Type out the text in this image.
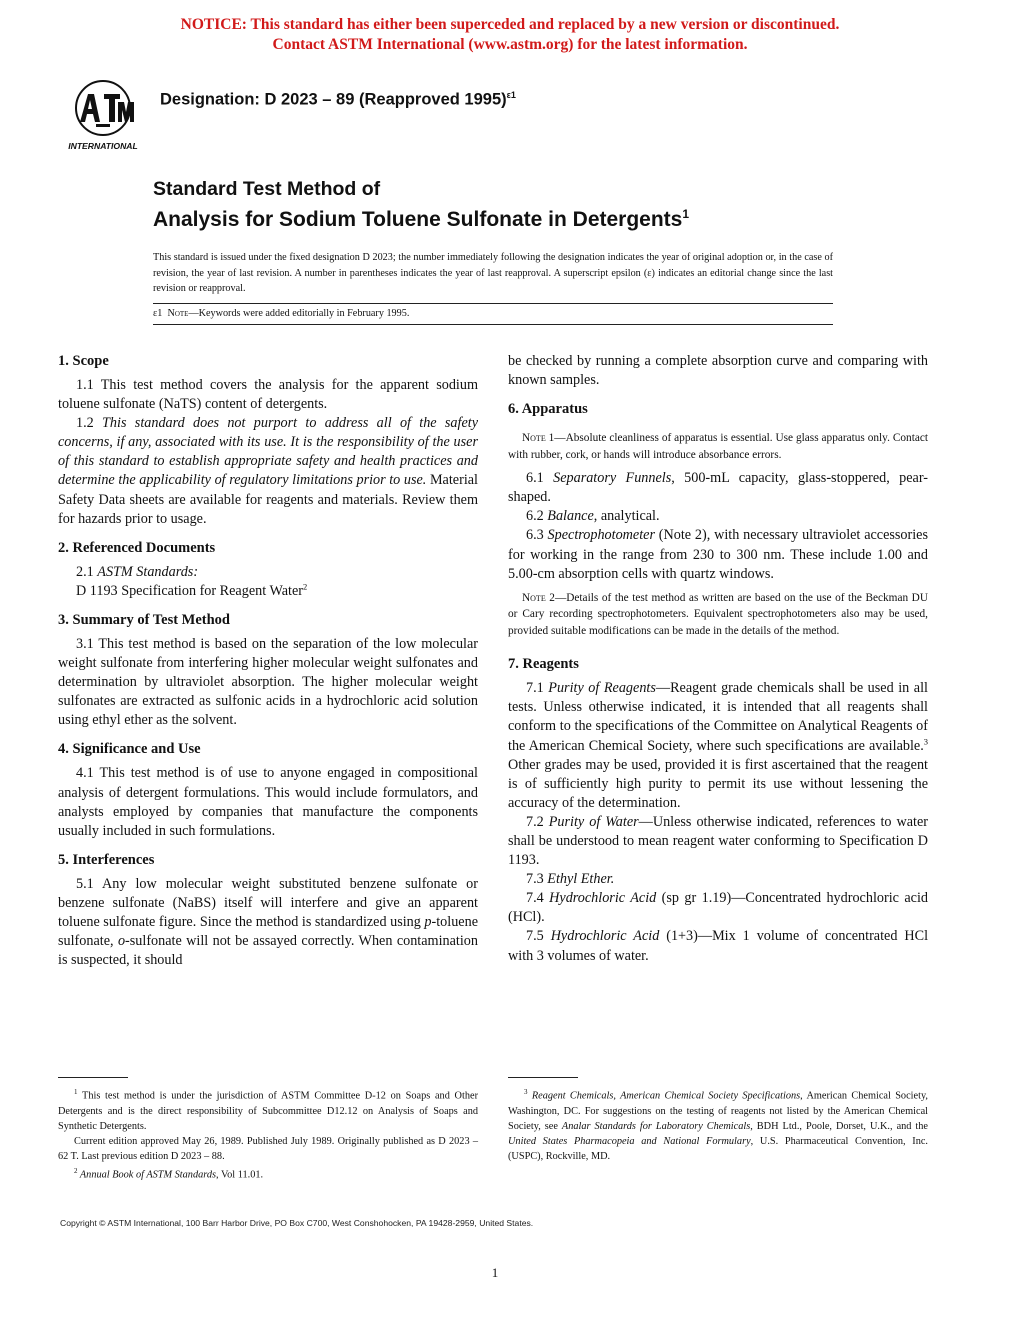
NOTICE: This standard has either been superceded and replaced by a new version or discontinued.
Contact ASTM International (www.astm.org) for the latest information.
INTERNATIONAL
Designation: D 2023 – 89 (Reapproved 1995)$^{\varepsilon 1}$
Standard Test Method of
Analysis for Sodium Toluene Sulfonate in Detergents$^1$
This standard is issued under the fixed designation D 2023; the number immediately following the designation indicates the year of original adoption or, in the case of revision, the year of last revision. A number in parentheses indicates the year of last reapproval. A superscript epsilon (ε) indicates an editorial change since the last revision or reapproval.
ε1 Note—Keywords were added editorially in February 1995.
1. Scope

1.1 This test method covers the analysis for the apparent sodium toluene sulfonate (NaTS) content of detergents.

1.2 This standard does not purport to address all of the safety concerns, if any, associated with its use. It is the responsibility of the user of this standard to establish appropriate safety and health practices and determine the applicability of regulatory limitations prior to use. Material Safety Data sheets are available for reagents and materials. Review them for hazards prior to usage.

2. Referenced Documents

2.1 ASTM Standards:

D 1193 Specification for Reagent Water$^2$

3. Summary of Test Method

3.1 This test method is based on the separation of the low molecular weight sulfonate from interfering higher molecular weight sulfonates and determination by ultraviolet absorption. The higher molecular weight sulfonates are extracted as sulfonic acids in a hydrochloric acid solution using ethyl ether as the solvent.

4. Significance and Use

4.1 This test method is of use to anyone engaged in compositional analysis of detergent formulations. This would include formulators, and analysts employed by companies that manufacture the components usually included in such formulations.

5. Interferences

5.1 Any low molecular weight substituted benzene sulfonate or benzene sulfonate (NaBS) itself will interfere and give an apparent toluene sulfonate figure. Since the method is standardized using p-toluene sulfonate, o-sulfonate will not be assayed correctly. When contamination is suspected, it should

be checked by running a complete absorption curve and comparing with known samples.

6. Apparatus

Note 1—Absolute cleanliness of apparatus is essential. Use glass apparatus only. Contact with rubber, cork, or hands will introduce absorbance errors.

6.1 Separatory Funnels, 500-mL capacity, glass-stoppered, pear-shaped.

6.2 Balance, analytical.

6.3 Spectrophotometer (Note 2), with necessary ultraviolet accessories for working in the range from 230 to 300 nm. These include 1.00 and 5.00-cm absorption cells with quartz windows.

Note 2—Details of the test method as written are based on the use of the Beckman DU or Cary recording spectrophotometers. Equivalent spectrophotometers also may be used, provided suitable modifications can be made in the details of the method.

7. Reagents

7.1 Purity of Reagents—Reagent grade chemicals shall be used in all tests. Unless otherwise indicated, it is intended that all reagents shall conform to the specifications of the Committee on Analytical Reagents of the American Chemical Society, where such specifications are available.$^3$ Other grades may be used, provided it is first ascertained that the reagent is of sufficiently high purity to permit its use without lessening the accuracy of the determination.

7.2 Purity of Water—Unless otherwise indicated, references to water shall be understood to mean reagent water conforming to Specification D 1193.

7.3 Ethyl Ether.

7.4 Hydrochloric Acid (sp gr 1.19)—Concentrated hydrochloric acid (HCl).

7.5 Hydrochloric Acid (1+3)—Mix 1 volume of concentrated HCl with 3 volumes of water.

$^1$ This test method is under the jurisdiction of ASTM Committee D-12 on Soaps and Other Detergents and is the direct responsibility of Subcommittee D12.12 on Analysis of Soaps and Synthetic Detergents.

Current edition approved May 26, 1989. Published July 1989. Originally published as D 2023 – 62 T. Last previous edition D 2023 – 88.

$^2$ Annual Book of ASTM Standards, Vol 11.01.

$^3$ Reagent Chemicals, American Chemical Society Specifications, American Chemical Society, Washington, DC. For suggestions on the testing of reagents not listed by the American Chemical Society, see Analar Standards for Laboratory Chemicals, BDH Ltd., Poole, Dorset, U.K., and the United States Pharmacopeia and National Formulary, U.S. Pharmaceutical Convention, Inc. (USPC), Rockville, MD.

Copyright © ASTM International, 100 Barr Harbor Drive, PO Box C700, West Conshohocken, PA 19428-2959, United States.
1
